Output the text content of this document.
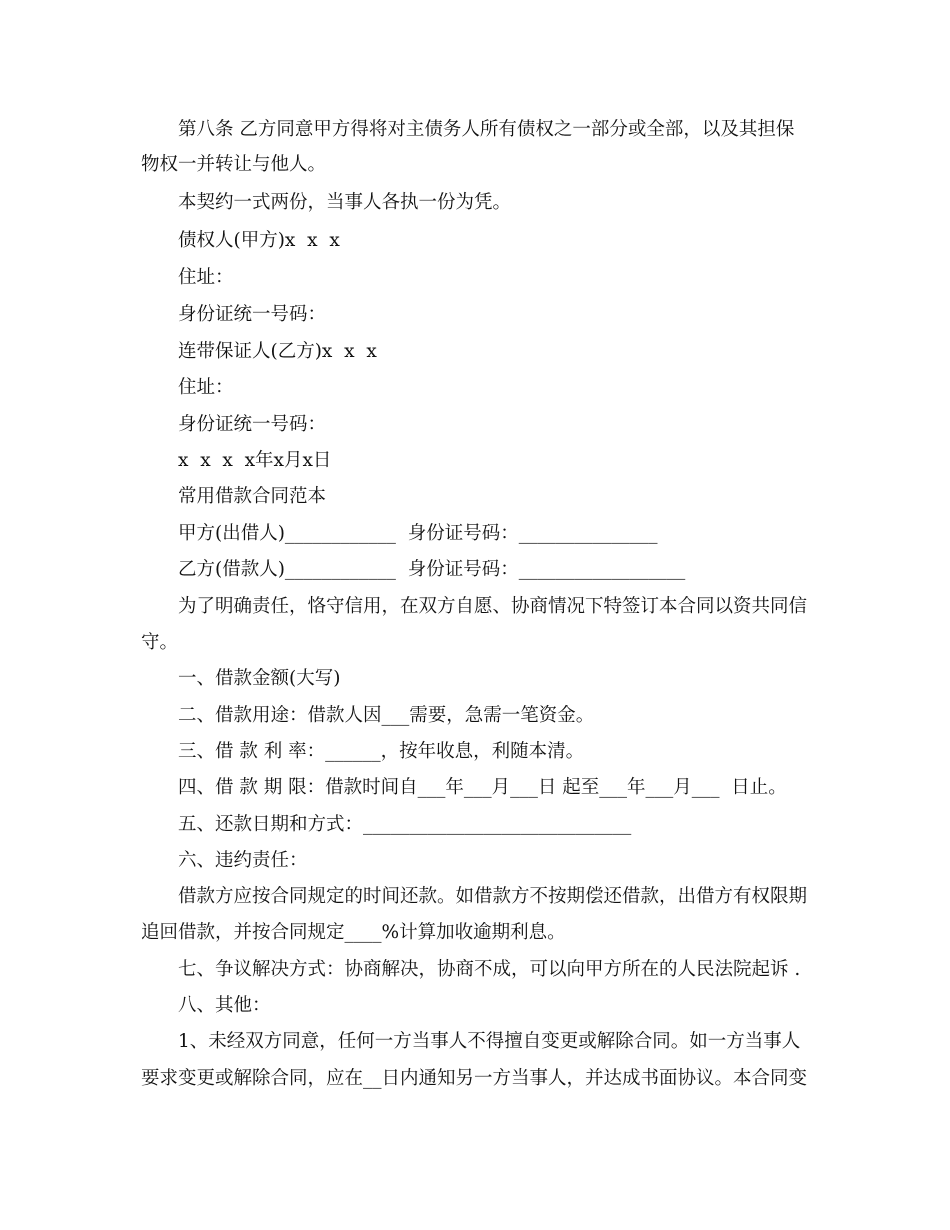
第八条 乙方同意甲方得将对主债务人所有债权之一部分或全部，以及其担保
物权一并转让与他人。
本契约一式两份，当事人各执一份为凭。
债权人(甲方)x  x  x
住址：
身份证统一号码：
连带保证人(乙方)x  x  x
住址：
身份证统一号码：
x  x  x  x年x月x日
常用借款合同范本
甲方(出借人)____________  身份证号码：_______________
乙方(借款人)____________  身份证号码：__________________
为了明确责任，恪守信用，在双方自愿、协商情况下特签订本合同以资共同信
守。
一、借款金额(大写)
二、借款用途：借款人因___需要，急需一笔资金。
三、借 款 利 率：______，按年收息，利随本清。
四、借 款 期 限：借款时间自___年___月___日 起至___年___月___  日止。
五、还款日期和方式：_____________________________
六、违约责任：
借款方应按合同规定的时间还款。如借款方不按期偿还借款，出借方有权限期
追回借款，并按合同规定____%计算加收逾期利息。
七、争议解决方式：协商解决，协商不成，可以向甲方所在的人民法院起诉 .
八、其他：
1、未经双方同意，任何一方当事人不得擅自变更或解除合同。如一方当事人
要求变更或解除合同，应在__日内通知另一方当事人，并达成书面协议。本合同变
